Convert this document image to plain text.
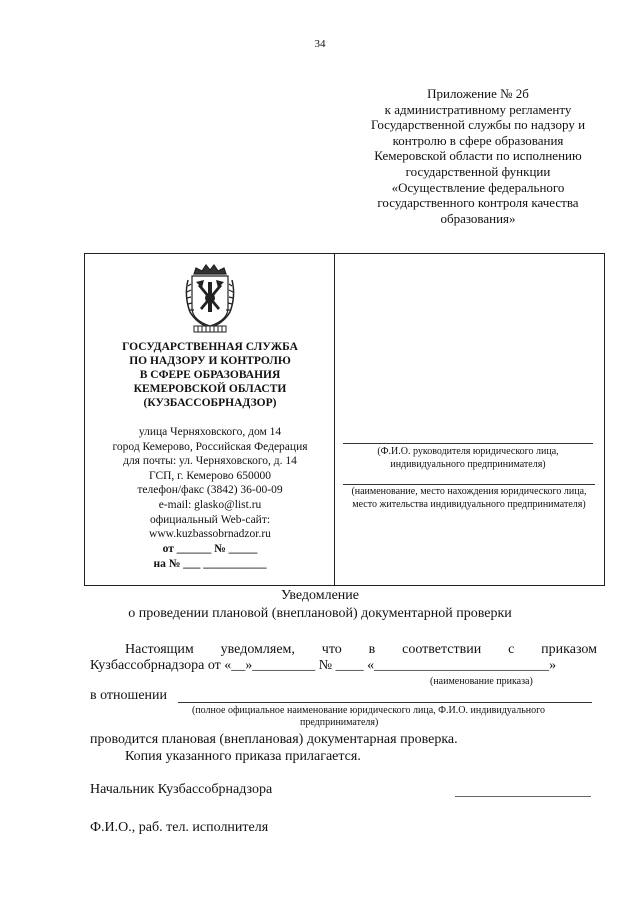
34
Приложение № 2б
к административному регламенту
Государственной службы по надзору и
контролю в сфере образования
Кемеровской области по исполнению
государственной функции
«Осуществление федерального
государственного контроля качества
образования»
ГОСУДАРСТВЕННАЯ СЛУЖБА
ПО НАДЗОРУ И КОНТРОЛЮ
В СФЕРЕ ОБРАЗОВАНИЯ
КЕМЕРОВСКОЙ ОБЛАСТИ
(КУЗБАССОБРНАДЗОР)
улица Черняховского, дом 14
город Кемерово, Российская Федерация
для почты: ул. Черняховского, д. 14
ГСП, г. Кемерово 650000
телефон/факс (3842) 36-00-09
e-mail: glasko@list.ru
официальный Web-сайт:
www.kuzbassobrnadzor.ru
от ______ № _____
на № ___ ___________
(Ф.И.О. руководителя юридического лица,
индивидуального предпринимателя)
(наименование, место нахождения юридического лица,
место жительства индивидуального предпринимателя)
Уведомление
о проведении плановой (внеплановой) документарной проверки
Настоящим уведомляем, что в соответствии с приказом
Кузбассобрнадзора от «__»_________ № ____ «_________________________»
(наименование приказа)
в отношении
(полное официальное наименование юридического лица, Ф.И.О. индивидуального
предпринимателя)
проводится плановая (внеплановая) документарная проверка.
Копия указанного приказа прилагается.
Начальник Кузбассобрнадзора
Ф.И.О., раб. тел. исполнителя
